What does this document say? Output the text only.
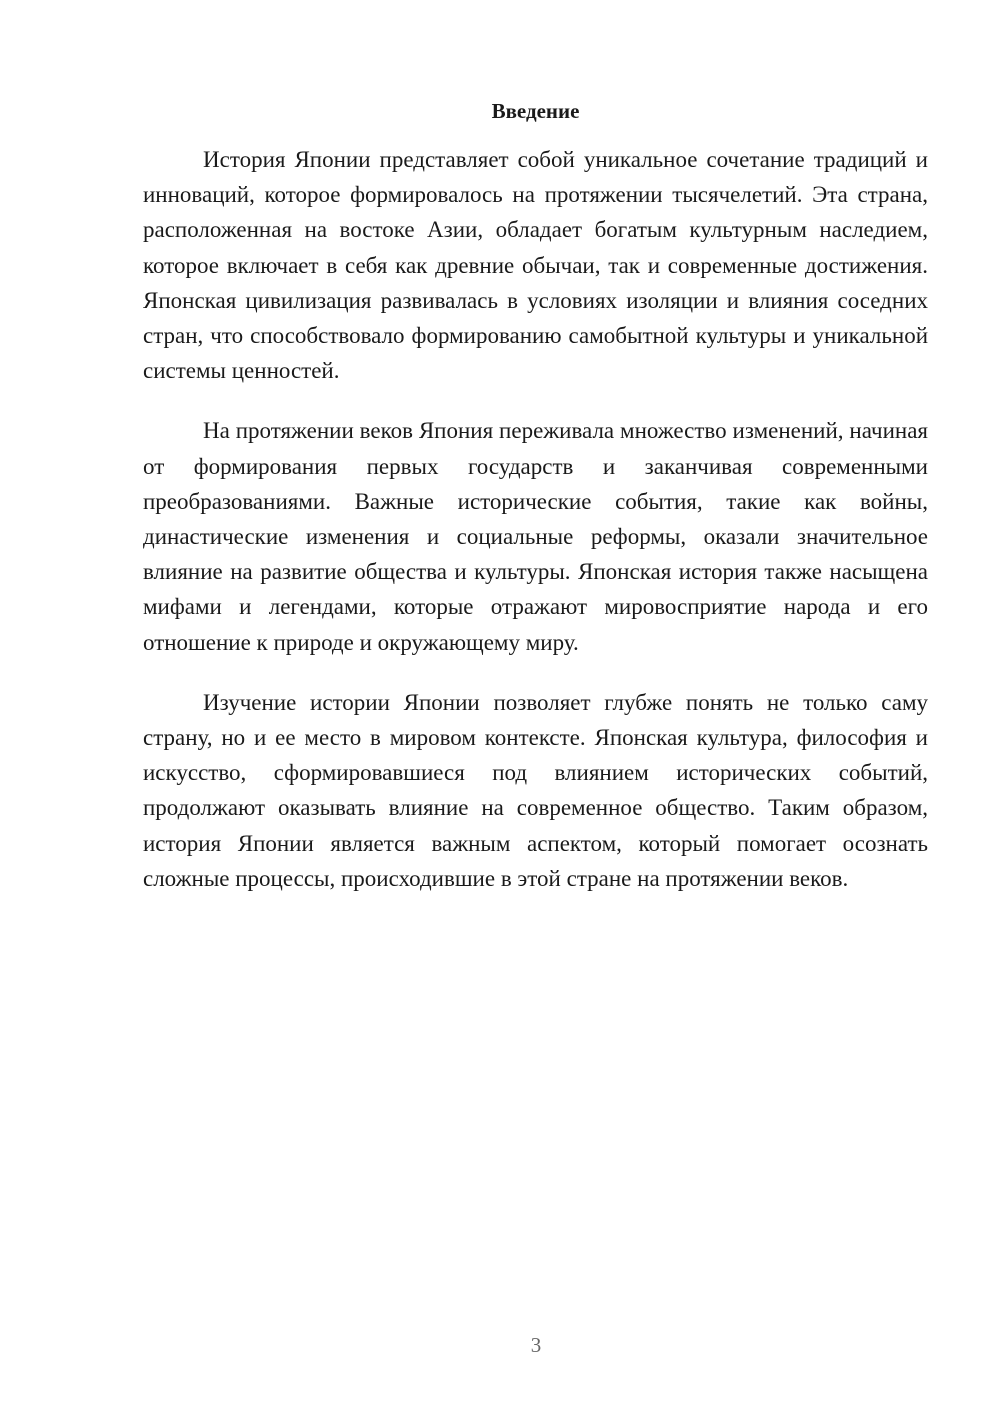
Введение

История Японии представляет собой уникальное сочетание традиций и инноваций, которое формировалось на протяжении тысячелетий. Эта страна, расположенная на востоке Азии, обладает богатым культурным наследием, которое включает в себя как древние обычаи, так и современные достижения. Японская цивилизация развивалась в условиях изоляции и влияния соседних стран, что способствовало формированию самобытной культуры и уникальной системы ценностей.

На протяжении веков Япония переживала множество изменений, начиная от формирования первых государств и заканчивая современными преобразованиями. Важные исторические события, такие как войны, династические изменения и социальные реформы, оказали значительное влияние на развитие общества и культуры. Японская история также насыщена мифами и легендами, которые отражают мировосприятие народа и его отношение к природе и окружающему миру.

Изучение истории Японии позволяет глубже понять не только саму страну, но и ее место в мировом контексте. Японская культура, философия и искусство, сформировавшиеся под влиянием исторических событий, продолжают оказывать влияние на современное общество. Таким образом, история Японии является важным аспектом, который помогает осознать сложные процессы, происходившие в этой стране на протяжении веков.

3
